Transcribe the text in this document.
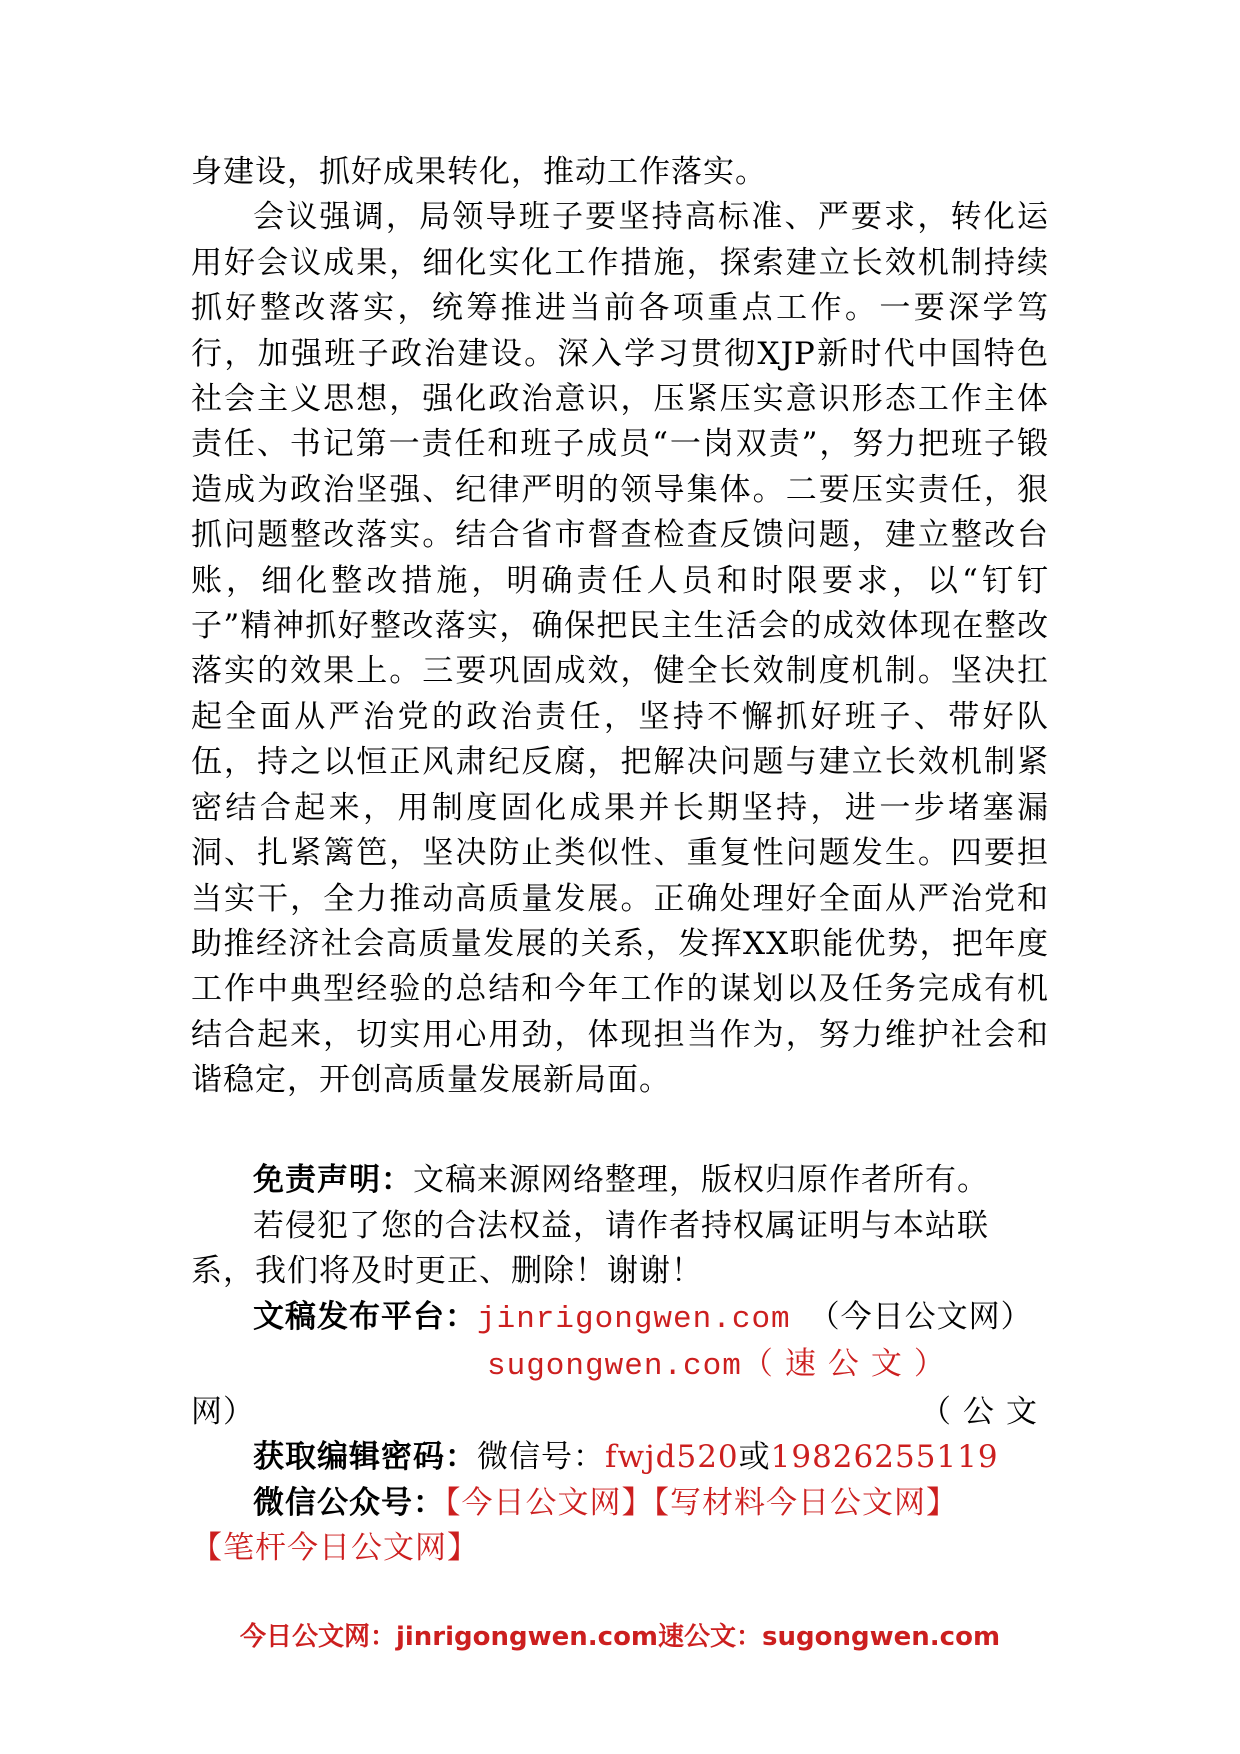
身建设，抓好成果转化，推动工作落实。

会议强调，局领导班子要坚持高标准、严要求，转化运用好会议成果，细化实化工作措施，探索建立长效机制持续抓好整改落实，统筹推进当前各项重点工作。一要深学笃行，加强班子政治建设。深入学习贯彻XJP新时代中国特色社会主义思想，强化政治意识，压紧压实意识形态工作主体责任、书记第一责任和班子成员“一岗双责”，努力把班子锻造成为政治坚强、纪律严明的领导集体。二要压实责任，狠抓问题整改落实。结合省市督查检查反馈问题，建立整改台账，细化整改措施，明确责任人员和时限要求，以“钉钉子”精神抓好整改落实，确保把民主生活会的成效体现在整改落实的效果上。三要巩固成效，健全长效制度机制。坚决扛起全面从严治党的政治责任，坚持不懈抓好班子、带好队伍，持之以恒正风肃纪反腐，把解决问题与建立长效机制紧密结合起来，用制度固化成果并长期坚持，进一步堵塞漏洞、扎紧篱笆，坚决防止类似性、重复性问题发生。四要担当实干，全力推动高质量发展。正确处理好全面从严治党和助推经济社会高质量发展的关系，发挥XX职能优势，把年度工作中典型经验的总结和今年工作的谋划以及任务完成有机结合起来，切实用心用劲，体现担当作为，努力维护社会和谐稳定，开创高质量发展新局面。

免责声明：文稿来源网络整理，版权归原作者所有。

若侵犯了您的合法权益，请作者持权属证明与本站联系，我们将及时更正、删除！谢谢！

文稿发布平台：jinrigongwen.com （今日公文网）

sugongwen.com（速公文）
（公文

网）

获取编辑密码：微信号：fwjd520或19826255119

微信公众号：【今日公文网】【写材料今日公文网】

【笔杆今日公文网】

今日公文网：jinrigongwen.com速公文：sugongwen.com
